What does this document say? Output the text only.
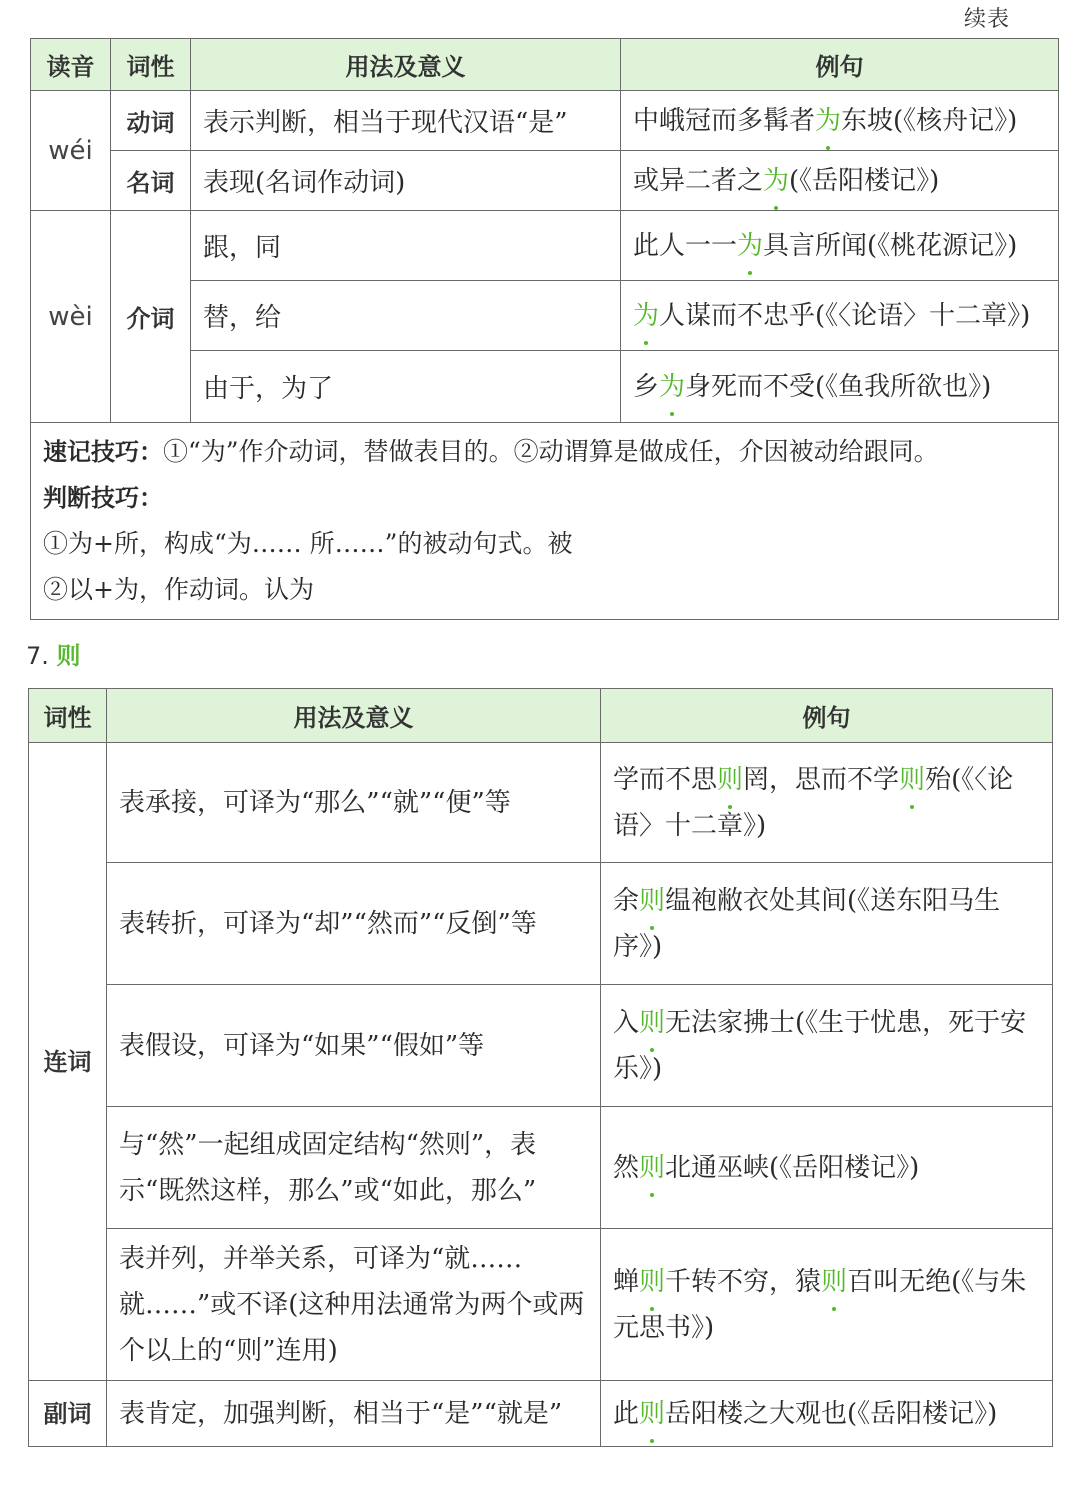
续表
读音	词性	用法及意义	例句
wéi	动词	表示判断，相当于现代汉语“是”	中峨冠而多髯者为东坡(《核舟记》)
	名词	表现(名词作动词)	或异二者之为(《岳阳楼记》)
wèi	介词	跟，同	此人一一为具言所闻(《桃花源记》)
		替，给	为人谋而不忠乎(《〈论语〉十二章》)
		由于，为了	乡为身死而不受(《鱼我所欲也》)

速记技巧：①“为”作介动词，替做表目的。②动谓算是做成任，介因被动给跟同。
判断技巧：
①为+所，构成“为…… 所……”的被动句式。被
②以+为，作动词。认为			
7. 则
词性	用法及意义	例句
连词	表承接，可译为“那么”“就”“便”等	学而不思则罔，思而不学则殆(《〈论语〉十二章》)
	表转折，可译为“却”“然而”“反倒”等	余则缊袍敝衣处其间(《送东阳马生序》)
	表假设，可译为“如果”“假如”等	入则无法家拂士(《生于忧患，死于安乐》)
	与“然”一起组成固定结构“然则”，表示“既然这样，那么”或“如此，那么”	然则北通巫峡(《岳阳楼记》)
	表并列，并举关系，可译为“就……就……”或不译(这种用法通常为两个或两个以上的“则”连用)	蝉则千转不穷，猿则百叫无绝(《与朱元思书》)
副词	表肯定，加强判断，相当于“是”“就是”	此则岳阳楼之大观也(《岳阳楼记》)
